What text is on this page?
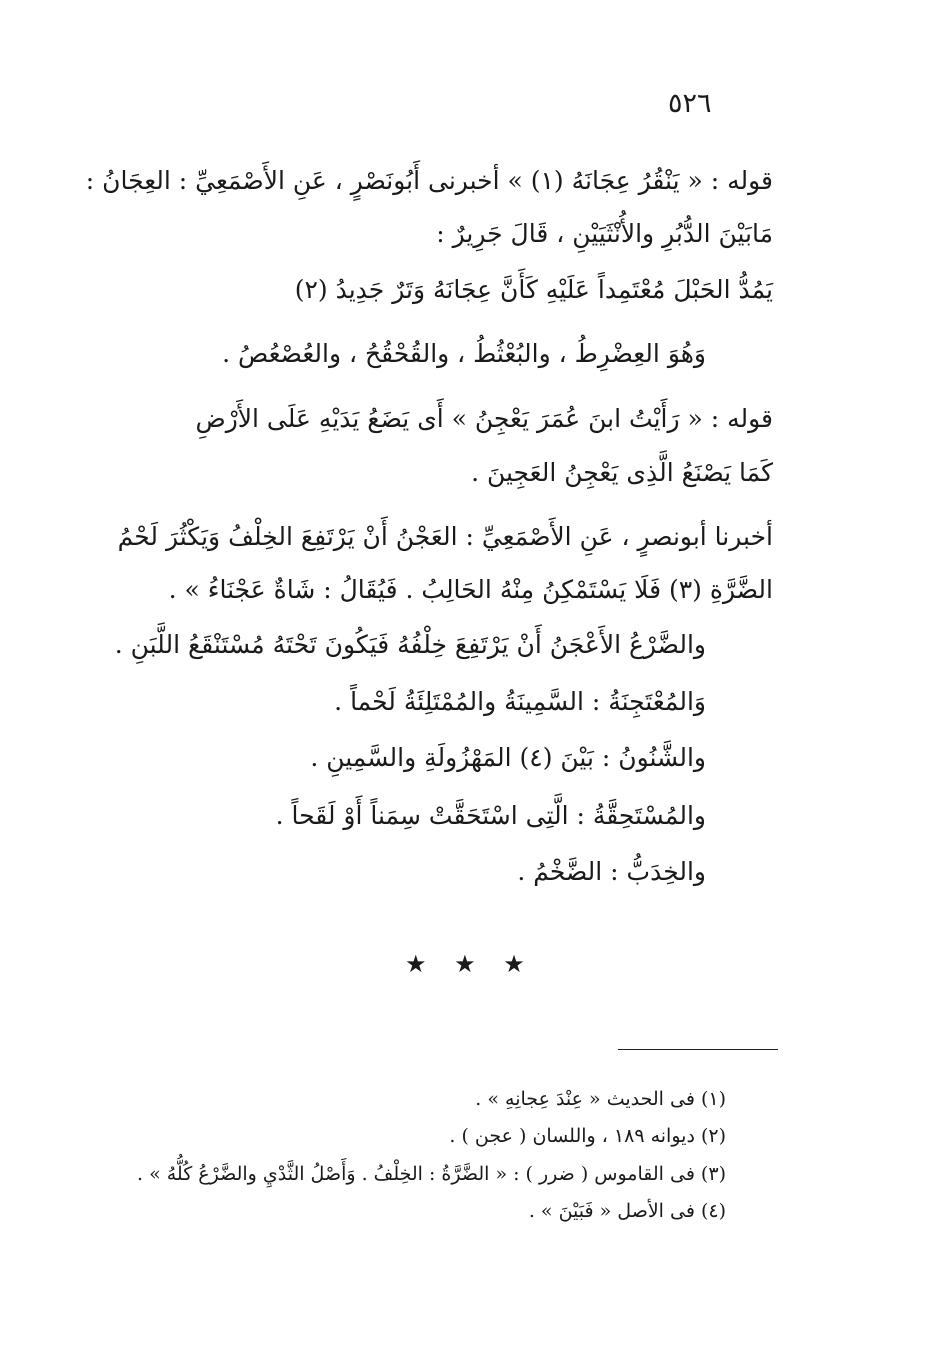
٥٢٦
قوله : « يَنْقُرُ عِجَانَهُ (١) » أخبرنى أَبُونَصْرٍ ، عَنِ الأَصْمَعِيِّ : العِجَانُ :
مَابَيْنَ الدُّبُرِ والأُنْثَيَيْنِ ، قَالَ جَرِيرٌ :
يَمُدُّ الحَبْلَ مُعْتَمِداً عَلَيْهِ كَأَنَّ عِجَانَهُ وَتَرٌ جَدِيدُ (٢)
وَهُوَ العِضْرِطُ ، والبُعْثُطُ ، والقُحْقُحُ ، والعُصْعُصُ .
قوله : « رَأَيْتُ ابنَ عُمَرَ يَعْجِنُ » أَى يَضَعُ يَدَيْهِ عَلَى الأَرْضِ
كَمَا يَصْنَعُ الَّذِى يَعْجِنُ العَجِينَ .
أخبرنا أبونصرٍ ، عَنِ الأَصْمَعِيِّ : العَجْنُ أَنْ يَرْتَفِعَ الخِلْفُ وَيَكْثُرَ لَحْمُ
الضَّرَّةِ (٣) فَلَا يَسْتَمْكِنُ مِنْهُ الحَالِبُ . فَيُقَالُ : شَاةٌ عَجْنَاءُ » .
والضَّرْعُ الأَعْجَنُ أَنْ يَرْتَفِعَ خِلْفُهُ فَيَكُونَ تَحْتَهُ مُسْتَنْقَعُ اللَّبَنِ .
وَالمُعْتَجِنَةُ : السَّمِينَةُ والمُمْتَلِئَةُ لَحْماً .
والشَّنُونُ : بَيْنَ (٤) المَهْزُولَةِ والسَّمِينِ .
والمُسْتَحِقَّةُ : الَّتِى اسْتَحَقَّتْ سِمَناً أَوْ لَقَحاً .
والخِدَبُّ : الضَّخْمُ .
★ ★ ★
(١) فى الحديث « عِنْدَ عِجانِهِ » .
(٢) ديوانه ١٨٩ ، واللسان ( عجن ) .
(٣) فى القاموس ( ضرر ) : « الضَّرَّةُ : الخِلْفُ . وَأَصْلُ الثَّدْيِ والضَّرْعُ كُلُّهُ » .
(٤) فى الأصل « فَبَيْنَ » .
